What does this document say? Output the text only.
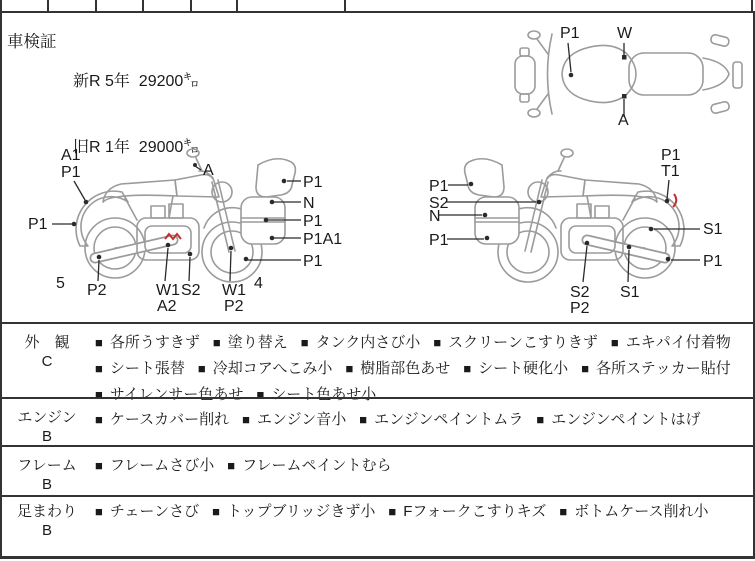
車検証

新R 5年  29200㌔

旧R 1年  29000㌔

P1 W
A
A1
P1
P1
5 P2	W1 S2
A2
W1
P2
4
A
P1
N
P1
P1A1
P1
P1
S2
N
P1
P1
T1
S1
P1
S2
P2
S1
外　観
C
■ 各所うすきず ■ 塗り替え ■ タンク内さび小 ■ スクリーンこすりきず ■ エキパイ付着物■ シート張替 ■ 冷却コアへこみ小 ■ 樹脂部色あせ ■ シート硬化小 ■ 各所ステッカー貼付■ サイレンサー色あせ ■ シート色あせ小
エンジン
B
■ ケースカバー削れ ■ エンジン音小 ■ エンジンペイントムラ ■ エンジンペイントはげ
フレーム
B
■ フレームさび小 ■ フレームペイントむら
足まわり
B
■ チェーンさび ■ トップブリッジきず小 ■ Fフォークこすりキズ ■ ボトムケース削れ小
